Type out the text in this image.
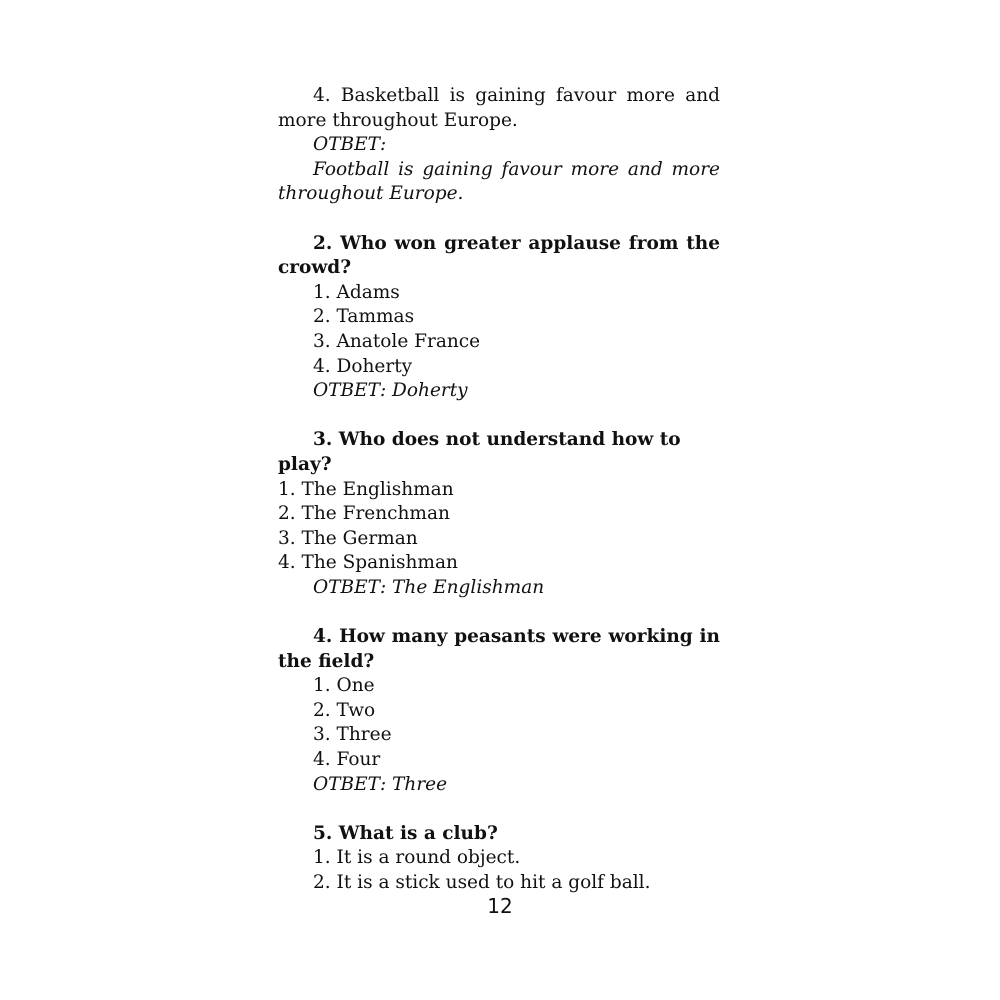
4. Basketball is gaining favour more and

more throughout Europe.

ОТВЕТ:

Football is gaining favour more and more

throughout Europe.

2. Who won greater applause from the

crowd?

1. Adams

2. Tammas

3. Anatole France

4. Doherty

ОТВЕТ: Doherty

3. Who does not understand how to play?

1. The Englishman

2. The Frenchman

3. The German

4. The Spanishman

ОТВЕТ: The Englishman

4. How many peasants were working in

the field?

1. One

2. Two

3. Three

4. Four

ОТВЕТ: Three

5. What is a club?

1. It is a round object.

2. It is a stick used to hit a golf ball.

12
